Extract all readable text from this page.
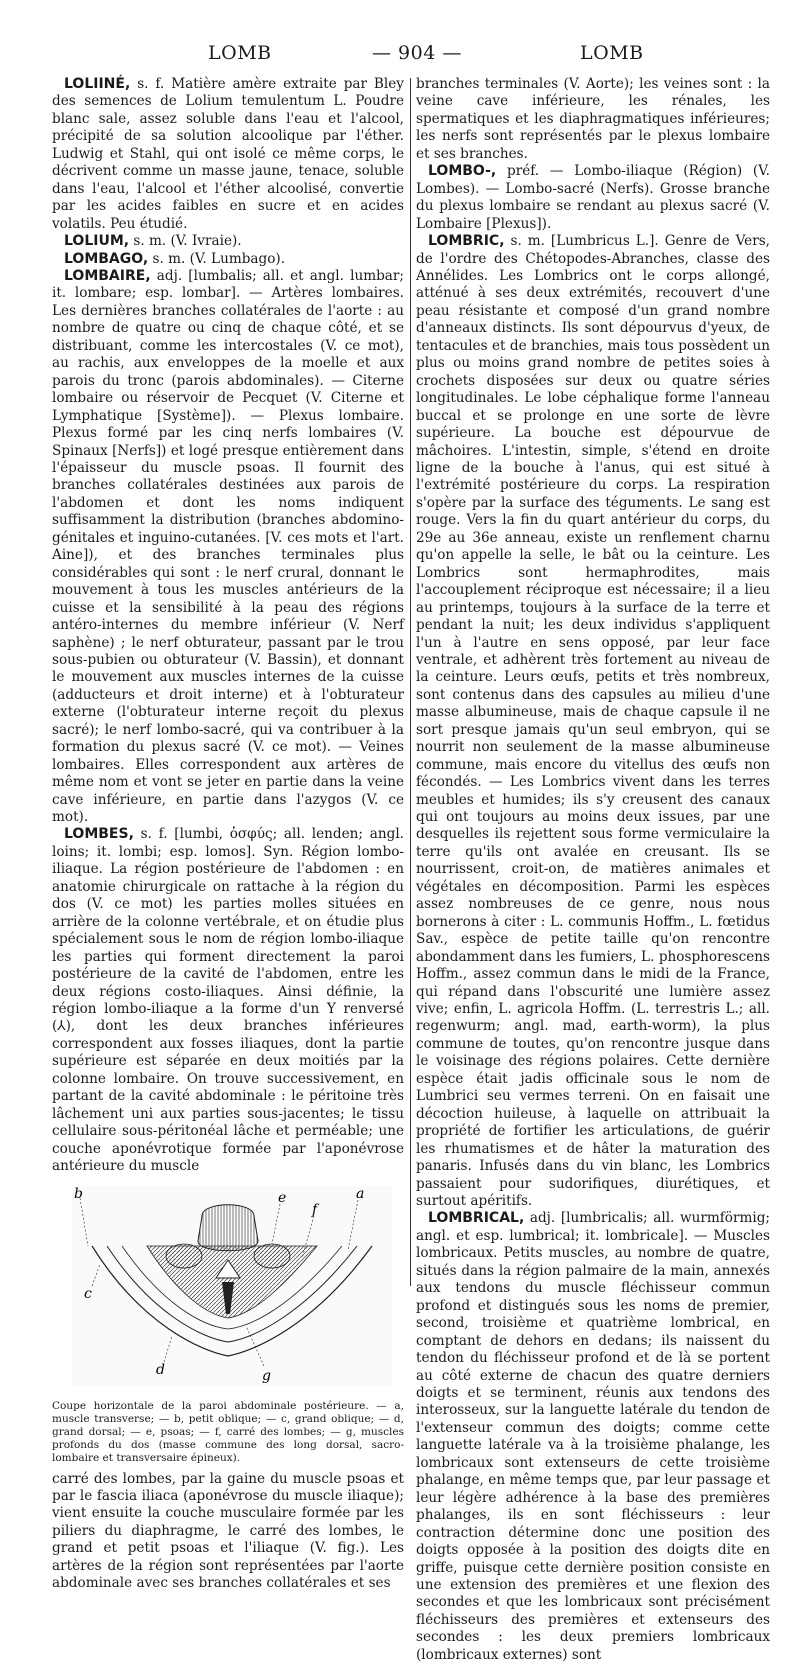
LOMB	— 904 —	LOMB

LOLIINÉ, s. f. Matière amère extraite par Bley des semences de Lolium temulentum L. Poudre blanc sale, assez soluble dans l'eau et l'alcool, précipité de sa solution alcoolique par l'éther. Ludwig et Stahl, qui ont isolé ce même corps, le décrivent comme un masse jaune, tenace, soluble dans l'eau, l'alcool et l'éther alcoolisé, convertie par les acides faibles en sucre et en acides volatils. Peu étudié.

LOLIUM, s. m. (V. Ivraie).

LOMBAGO, s. m. (V. Lumbago).

LOMBAIRE, adj. [lumbalis; all. et angl. lumbar; it. lombare; esp. lombar]. — Artères lombaires. Les dernières branches collatérales de l'aorte : au nombre de quatre ou cinq de chaque côté, et se distribuant, comme les intercostales (V. ce mot), au rachis, aux enveloppes de la moelle et aux parois du tronc (parois abdominales). — Citerne lombaire ou réservoir de Pecquet (V. Citerne et Lymphatique [Système]). — Plexus lombaire. Plexus formé par les cinq nerfs lombaires (V. Spinaux [Nerfs]) et logé presque entièrement dans l'épaisseur du muscle psoas. Il fournit des branches collatérales destinées aux parois de l'abdomen et dont les noms indiquent suffisamment la distribution (branches abdomino-génitales et inguino-cutanées. [V. ces mots et l'art. Aine]), et des branches terminales plus considérables qui sont : le nerf crural, donnant le mouvement à tous les muscles antérieurs de la cuisse et la sensibilité à la peau des régions antéro-internes du membre inférieur (V. Nerf saphène) ; le nerf obturateur, passant par le trou sous-pubien ou obturateur (V. Bassin), et donnant le mouvement aux muscles internes de la cuisse (adducteurs et droit interne) et à l'obturateur externe (l'obturateur interne reçoit du plexus sacré); le nerf lombo-sacré, qui va contribuer à la formation du plexus sacré (V. ce mot). — Veines lombaires. Elles correspondent aux artères de même nom et vont se jeter en partie dans la veine cave inférieure, en partie dans l'azygos (V. ce mot).

LOMBES, s. f. [lumbi, ὀσφύς; all. lenden; angl. loins; it. lombi; esp. lomos]. Syn. Région lombo-iliaque. La région postérieure de l'abdomen : en anatomie chirurgicale on rattache à la région du dos (V. ce mot) les parties molles situées en arrière de la colonne vertébrale, et on étudie plus spécialement sous le nom de région lombo-iliaque les parties qui forment directement la paroi postérieure de la cavité de l'abdomen, entre les deux régions costo-iliaques. Ainsi définie, la région lombo-iliaque a la forme d'un Y renversé (⅄), dont les deux branches inférieures correspondent aux fosses iliaques, dont la partie supérieure est séparée en deux moitiés par la colonne lombaire. On trouve successivement, en partant de la cavité abdominale : le péritoine très lâchement uni aux parties sous-jacentes; le tissu cellulaire sous-péritonéal lâche et perméable; une couche aponévrotique formée par l'aponévrose antérieure du muscle

b	e
f
a
c
d	g

Coupe horizontale de la paroi abdominale postérieure. — a, muscle transverse; — b, petit oblique; — c, grand oblique; — d, grand dorsal; — e, psoas; — f, carré des lombes; — g, muscles profonds du dos (masse commune des long dorsal, sacro-lombaire et transversaire épineux).

carré des lombes, par la gaine du muscle psoas et par le fascia iliaca (aponévrose du muscle iliaque); vient ensuite la couche musculaire formée par les piliers du diaphragme, le carré des lombes, le grand et petit psoas et l'iliaque (V. fig.). Les artères de la région sont représentées par l'aorte abdominale avec ses branches collatérales et ses

branches terminales (V. Aorte); les veines sont : la veine cave inférieure, les rénales, les spermatiques et les diaphragmatiques inférieures; les nerfs sont représentés par le plexus lombaire et ses branches.

LOMBO-, préf. — Lombo-iliaque (Région) (V. Lombes). — Lombo-sacré (Nerfs). Grosse branche du plexus lombaire se rendant au plexus sacré (V. Lombaire [Plexus]).

LOMBRIC, s. m. [Lumbricus L.]. Genre de Vers, de l'ordre des Chétopodes-Abranches, classe des Annélides. Les Lombrics ont le corps allongé, atténué à ses deux extrémités, recouvert d'une peau résistante et composé d'un grand nombre d'anneaux distincts. Ils sont dépourvus d'yeux, de tentacules et de branchies, mais tous possèdent un plus ou moins grand nombre de petites soies à crochets disposées sur deux ou quatre séries longitudinales. Le lobe céphalique forme l'anneau buccal et se prolonge en une sorte de lèvre supérieure. La bouche est dépourvue de mâchoires. L'intestin, simple, s'étend en droite ligne de la bouche à l'anus, qui est situé à l'extrémité postérieure du corps. La respiration s'opère par la surface des téguments. Le sang est rouge. Vers la fin du quart antérieur du corps, du 29e au 36e anneau, existe un renflement charnu qu'on appelle la selle, le bât ou la ceinture. Les Lombrics sont hermaphrodites, mais l'accouplement réciproque est nécessaire; il a lieu au printemps, toujours à la surface de la terre et pendant la nuit; les deux individus s'appliquent l'un à l'autre en sens opposé, par leur face ventrale, et adhèrent très fortement au niveau de la ceinture. Leurs œufs, petits et très nombreux, sont contenus dans des capsules au milieu d'une masse albumineuse, mais de chaque capsule il ne sort presque jamais qu'un seul embryon, qui se nourrit non seulement de la masse albumineuse commune, mais encore du vitellus des œufs non fécondés. — Les Lombrics vivent dans les terres meubles et humides; ils s'y creusent des canaux qui ont toujours au moins deux issues, par une desquelles ils rejettent sous forme vermiculaire la terre qu'ils ont avalée en creusant. Ils se nourrissent, croit-on, de matières animales et végétales en décomposition. Parmi les espèces assez nombreuses de ce genre, nous nous bornerons à citer : L. communis Hoffm., L. fœtidus Sav., espèce de petite taille qu'on rencontre abondamment dans les fumiers, L. phosphorescens Hoffm., assez commun dans le midi de la France, qui répand dans l'obscurité une lumière assez vive; enfin, L. agricola Hoffm. (L. terrestris L.; all. regenwurm; angl. mad, earth-worm), la plus commune de toutes, qu'on rencontre jusque dans le voisinage des régions polaires. Cette dernière espèce était jadis officinale sous le nom de Lumbrici seu vermes terreni. On en faisait une décoction huileuse, à laquelle on attribuait la propriété de fortifier les articulations, de guérir les rhumatismes et de hâter la maturation des panaris. Infusés dans du vin blanc, les Lombrics passaient pour sudorifiques, diurétiques, et surtout apéritifs.

LOMBRICAL, adj. [lumbricalis; all. wurmförmig; angl. et esp. lumbrical; it. lombricale]. — Muscles lombricaux. Petits muscles, au nombre de quatre, situés dans la région palmaire de la main, annexés aux tendons du muscle fléchisseur commun profond et distingués sous les noms de premier, second, troisième et quatrième lombrical, en comptant de dehors en dedans; ils naissent du tendon du fléchisseur profond et de là se portent au côté externe de chacun des quatre derniers doigts et se terminent, réunis aux tendons des interosseux, sur la languette latérale du tendon de l'extenseur commun des doigts; comme cette languette latérale va à la troisième phalange, les lombricaux sont extenseurs de cette troisième phalange, en même temps que, par leur passage et leur légère adhérence à la base des premières phalanges, ils en sont fléchisseurs : leur contraction détermine donc une position des doigts opposée à la position des doigts dite en griffe, puisque cette dernière position consiste en une extension des premières et une flexion des secondes et que les lombricaux sont précisément fléchisseurs des premières et extenseurs des secondes : les deux premiers lombricaux (lombricaux externes) sont
